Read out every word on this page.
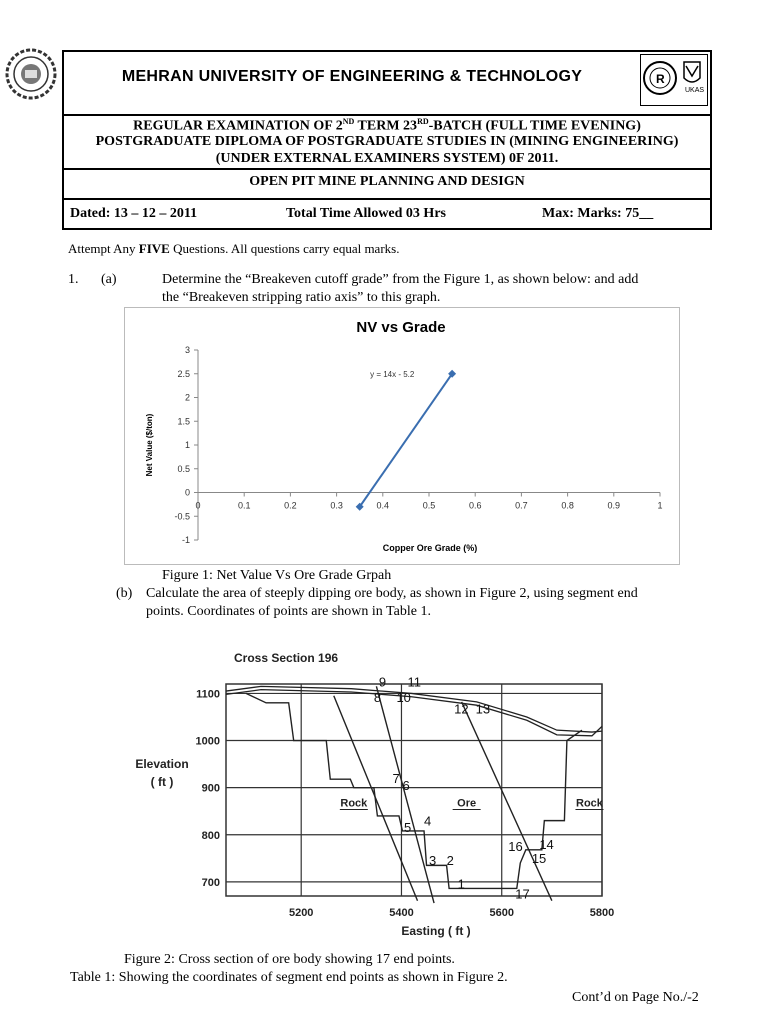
MEHRAN UNIVERSITY OF ENGINEERING & TECHNOLOGY	R
UKAS
REGULAR EXAMINATION OF 2ND TERM 23RD-BATCH (FULL TIME EVENING)
POSTGRADUATE DIPLOMA OF POSTGRADUATE STUDIES IN (MINING ENGINEERING)
(UNDER EXTERNAL EXAMINERS SYSTEM) 0F 2011.
OPEN PIT MINE PLANNING AND DESIGN
Dated: 13 – 12 – 2011	Total Time Allowed 03 Hrs	Max: Marks: 75__
Attempt Any FIVE Questions. All questions carry equal marks.
1. (a)	Determine the “Breakeven cutoff grade” from the Figure 1, as shown below: and add
the “Breakeven stripping ratio axis” to this graph.
NV vs Grade
Net Value ($/ton)
Copper Ore Grade (%)
-1
-0.5
0
0.5
1
1.5
2
2.5
3
0	0.1	0.2	0.3	0.4	0.5	0.6	0.7	0.8	0.9	1
y = 14x - 5.2
Figure 1: Net Value Vs Ore Grade Grpah
(b) Calculate the area of steeply dipping ore body, as shown in Figure 2, using segment end
points. Coordinates of points are shown in Table 1.
Cross Section 196
Elevation
( ft )
Easting ( ft )
700
800
900
1000
1100
5200	5400	5600	5800
Rock	Ore	Rock
1
2
3
4
5
6
7
8
9
10
11
12 13
14
15
16
17
Figure 2: Cross section of ore body showing 17 end points.
Table 1: Showing the coordinates of segment end points as shown in Figure 2.
Cont’d on Page No./-2
